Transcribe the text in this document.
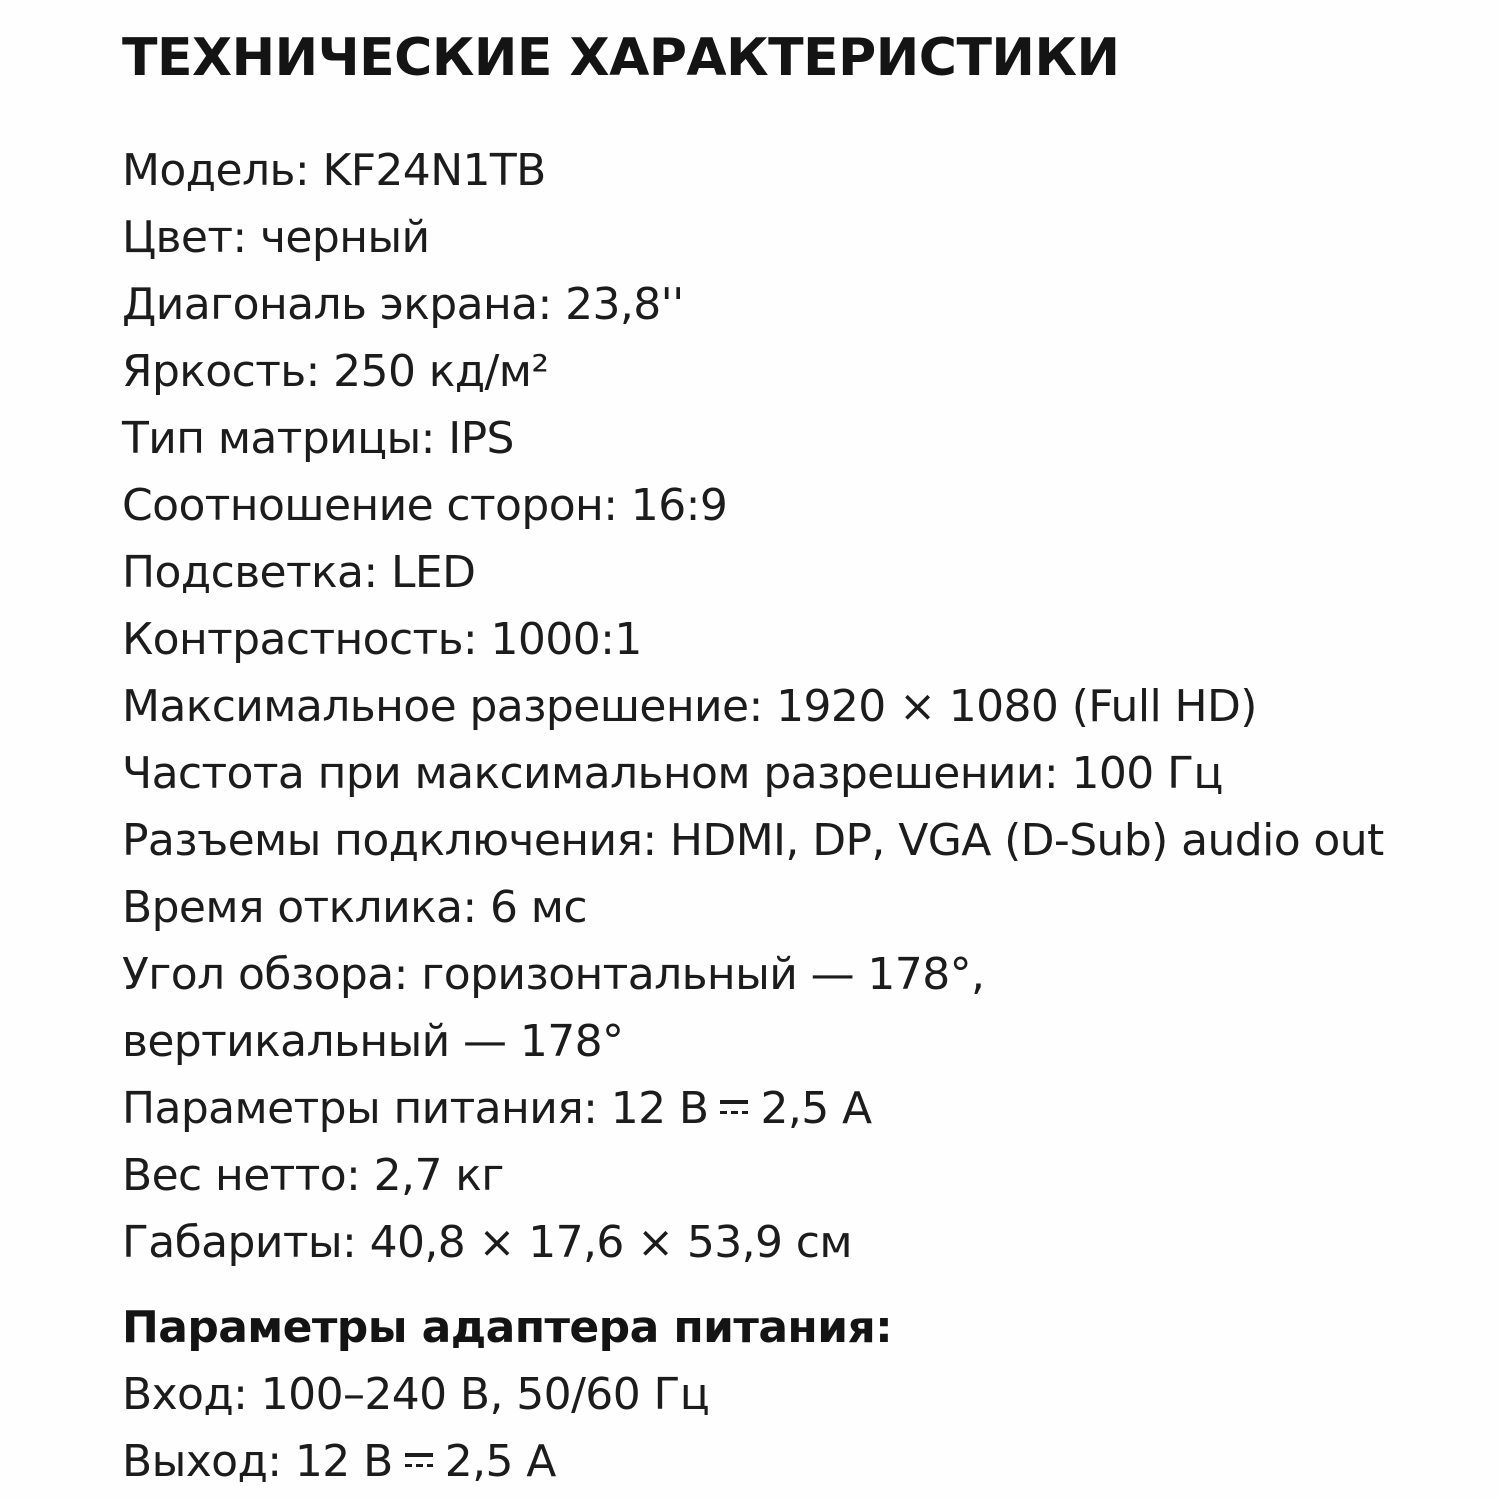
ТЕХНИЧЕСКИЕ ХАРАКТЕРИСТИКИ
Модель: KF24N1TB
Цвет: черный
Диагональ экрана: 23,8''
Яркость: 250 кд/м²
Тип матрицы: IPS
Соотношение сторон: 16:9
Подсветка: LED
Контрастность: 1000:1
Максимальное разрешение: 1920 × 1080 (Full HD)
Частота при максимальном разрешении: 100 Гц
Разъемы подключения: HDMI, DP, VGA (D-Sub) audio out
Время отклика: 6 мс
Угол обзора: горизонтальный — 178°,
вертикальный — 178°
Параметры питания: 12 В 2,5 А
Вес нетто: 2,7 кг
Габариты: 40,8 × 17,6 × 53,9 см
Параметры адаптера питания:
Вход: 100–240 В, 50/60 Гц
Выход: 12 В 2,5 А
